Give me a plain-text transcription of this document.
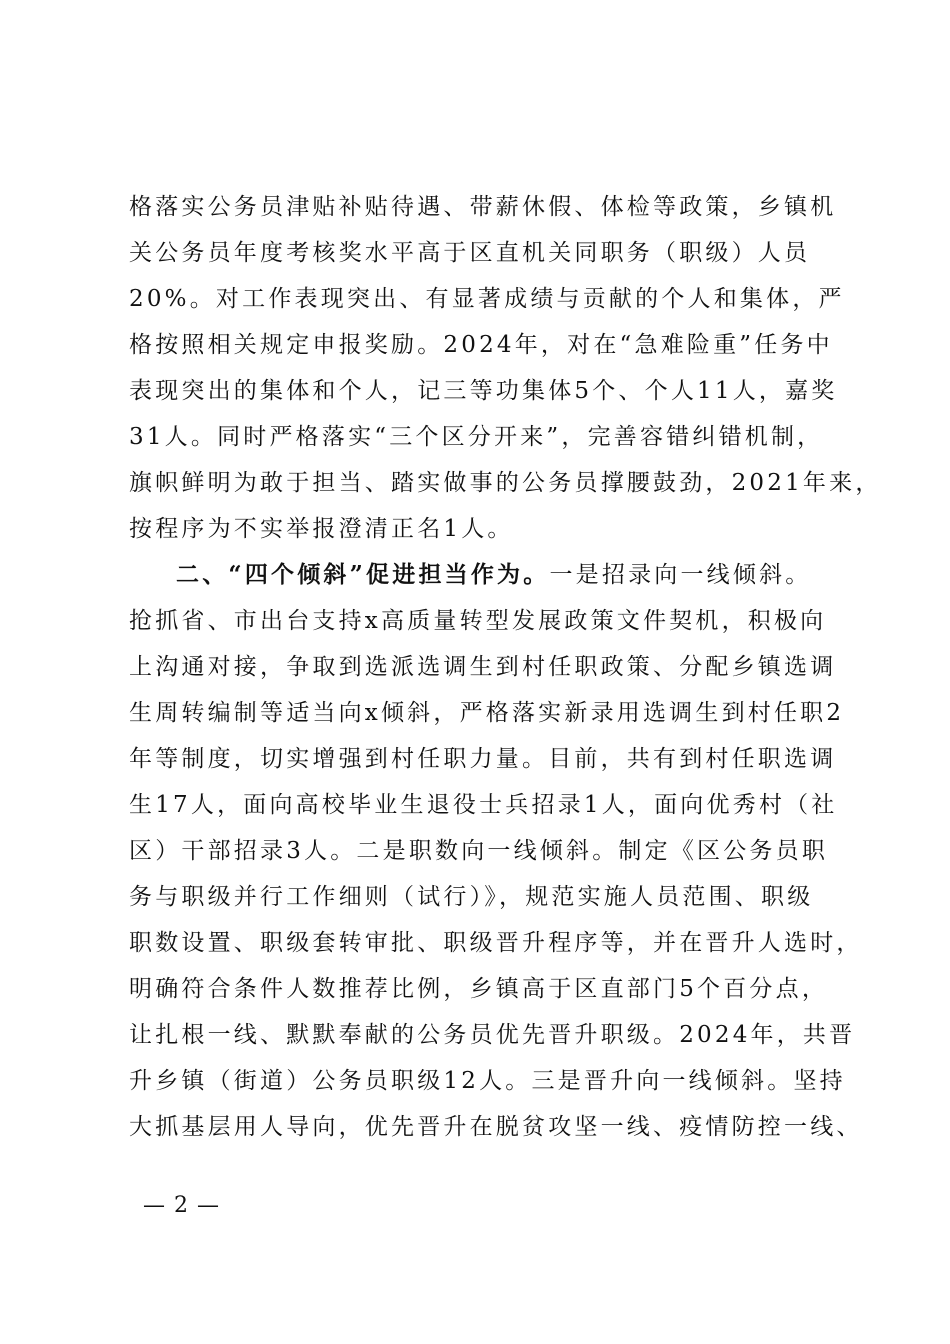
格落实公务员津贴补贴待遇、带薪休假、体检等政策，乡镇机
关公务员年度考核奖水平高于区直机关同职务（职级）人员
20%。对工作表现突出、有显著成绩与贡献的个人和集体，严
格按照相关规定申报奖励。2024年，对在“急难险重”任务中
表现突出的集体和个人，记三等功集体5个、个人11人，嘉奖
31人。同时严格落实“三个区分开来”，完善容错纠错机制，
旗帜鲜明为敢于担当、踏实做事的公务员撑腰鼓劲，2021年来，
按程序为不实举报澄清正名1人。
二、“四个倾斜”促进担当作为。一是招录向一线倾斜。
抢抓省、市出台支持x高质量转型发展政策文件契机，积极向
上沟通对接，争取到选派选调生到村任职政策、分配乡镇选调
生周转编制等适当向x倾斜，严格落实新录用选调生到村任职2
年等制度，切实增强到村任职力量。目前，共有到村任职选调
生17人，面向高校毕业生退役士兵招录1人，面向优秀村（社
区）干部招录3人。二是职数向一线倾斜。制定《区公务员职
务与职级并行工作细则（试行）》，规范实施人员范围、职级
职数设置、职级套转审批、职级晋升程序等，并在晋升人选时，
明确符合条件人数推荐比例，乡镇高于区直部门5个百分点，
让扎根一线、默默奉献的公务员优先晋升职级。2024年，共晋
升乡镇（街道）公务员职级12人。三是晋升向一线倾斜。坚持
大抓基层用人导向，优先晋升在脱贫攻坚一线、疫情防控一线、
— 2 —
